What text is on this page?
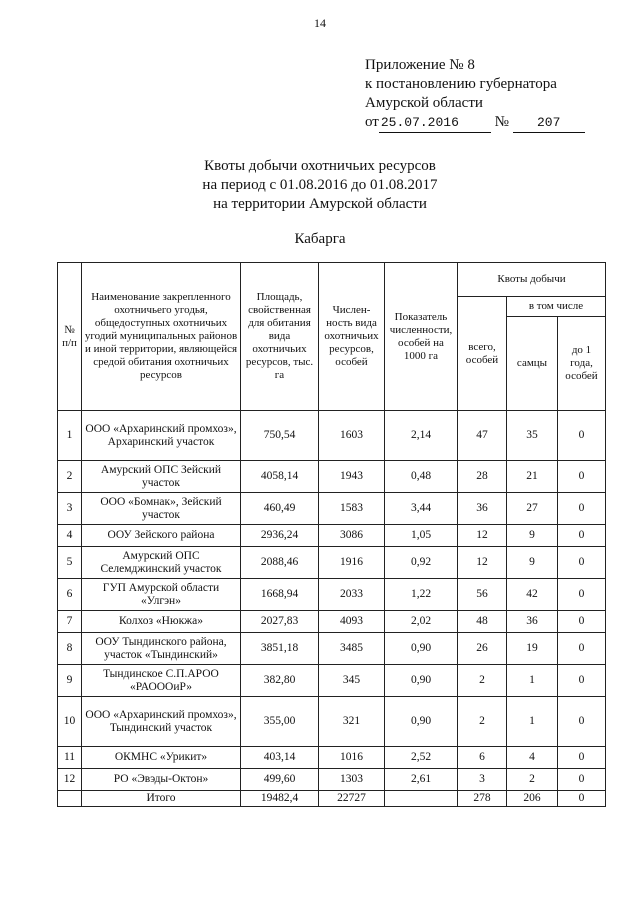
14
Приложение № 8
к постановлению губернатора
Амурской области
от 25.07.2016 № 207
Квоты добычи охотничьих ресурсов
на период с 01.08.2016 до 01.08.2017
на территории Амурской области
Кабарга
№ п/п	Наименование закрепленного охотничьего угодья, общедоступных охотничьих угодий муниципальных районов и иной территории, являющейся средой обитания охотничьих ресурсов	Площадь, свойственная для обитания вида охотничьих ресурсов, тыс. га	Числен-ность вида охотничьих ресурсов, особей	Показатель численности, особей на 1000 га	Квоты добычи		
					всего, особей	в том числе	
						самцы	до 1 года, особей
1	ООО «Архаринский промхоз», Архаринский участок	750,54	1603	2,14	47	35	0
2	Амурский ОПС Зейский участок	4058,14	1943	0,48	28	21	0
3	ООО «Бомнак», Зейский участок	460,49	1583	3,44	36	27	0
4	ООУ Зейского района	2936,24	3086	1,05	12	9	0
5	Амурский ОПС Селемджинский участок	2088,46	1916	0,92	12	9	0
6	ГУП Амурской области «Улгэн»	1668,94	2033	1,22	56	42	0
7	Колхоз «Нюкжа»	2027,83	4093	2,02	48	36	0
8	ООУ Тындинского района, участок «Тындинский»	3851,18	3485	0,90	26	19	0
9	Тындинское С.П.АРОО «РАОООиР»	382,80	345	0,90	2	1	0
10	ООО «Архаринский промхоз», Тындинский участок	355,00	321	0,90	2	1	0
11	ОКМНС «Урикит»	403,14	1016	2,52	6	4	0
12	РО «Эвэды-Октон»	499,60	1303	2,61	3	2	0
	Итого	19482,4	22727		278	206	0
